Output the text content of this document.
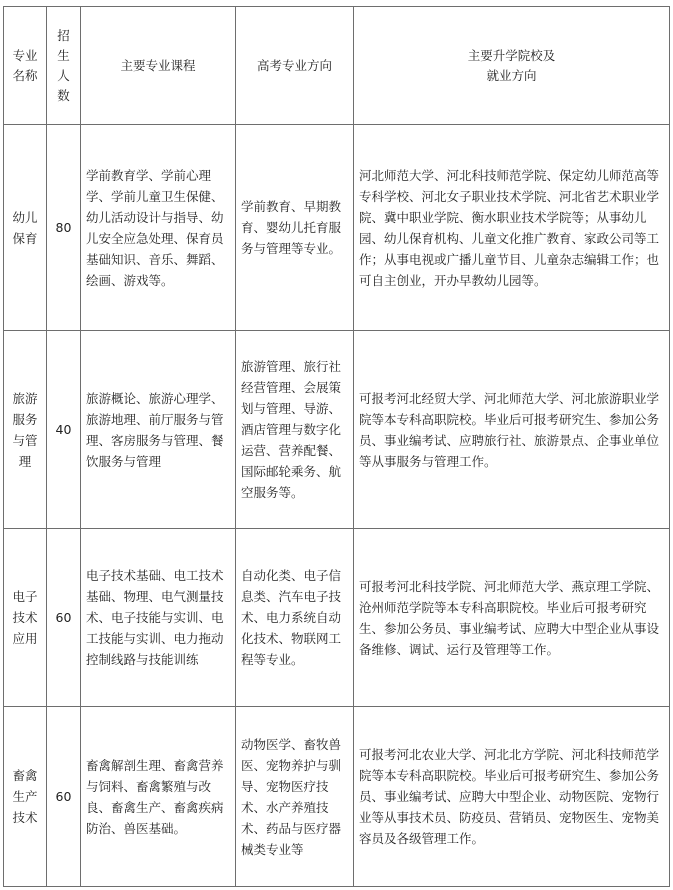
专业名称	招生人数	主要专业课程	高考专业方向	主要升学院校及就业方向

幼儿保育	80	学前教育学、学前心理学、学前儿童卫生保健、幼儿活动设计与指导、幼儿安全应急处理、保育员基础知识、音乐、舞蹈、绘画、游戏等。	学前教育、早期教育、婴幼儿托育服务与管理等专业。	河北师范大学、河北科技师范学院、保定幼儿师范高等专科学校、河北女子职业技术学院、河北省艺术职业学院、冀中职业学院、衡水职业技术学院等；从事幼儿园、幼儿保育机构、儿童文化推广教育、家政公司等工作；从事电视或广播儿童节目、儿童杂志编辑工作；也可自主创业，开办早教幼儿园等。

旅游服务与管理	40	旅游概论、旅游心理学、旅游地理、前厅服务与管理、客房服务与管理、餐饮服务与管理	旅游管理、旅行社经营管理、会展策划与管理、导游、酒店管理与数字化运营、营养配餐、国际邮轮乘务、航空服务等。	可报考河北经贸大学、河北师范大学、河北旅游职业学院等本专科高职院校。毕业后可报考研究生、参加公务员、事业编考试、应聘旅行社、旅游景点、企事业单位等从事服务与管理工作。

电子技术应用	60	电子技术基础、电工技术基础、物理、电气测量技术、电子技能与实训、电工技能与实训、电力拖动控制线路与技能训练	自动化类、电子信息类、汽车电子技术、电力系统自动化技术、物联网工程等专业。	可报考河北科技学院、河北师范大学、燕京理工学院、沧州师范学院等本专科高职院校。毕业后可报考研究生、参加公务员、事业编考试、应聘大中型企业从事设备维修、调试、运行及管理等工作。

畜禽生产技术	60	畜禽解剖生理、畜禽营养与饲料、畜禽繁殖与改良、畜禽生产、畜禽疾病防治、兽医基础。	动物医学、畜牧兽医、宠物养护与驯导、宠物医疗技术、水产养殖技术、药品与医疗器械类专业等	可报考河北农业大学、河北北方学院、河北科技师范学院等本专科高职院校。毕业后可报考研究生、参加公务员、事业编考试、应聘大中型企业、动物医院、宠物行业等从事技术员、防疫员、营销员、宠物医生、宠物美容员及各级管理工作。
